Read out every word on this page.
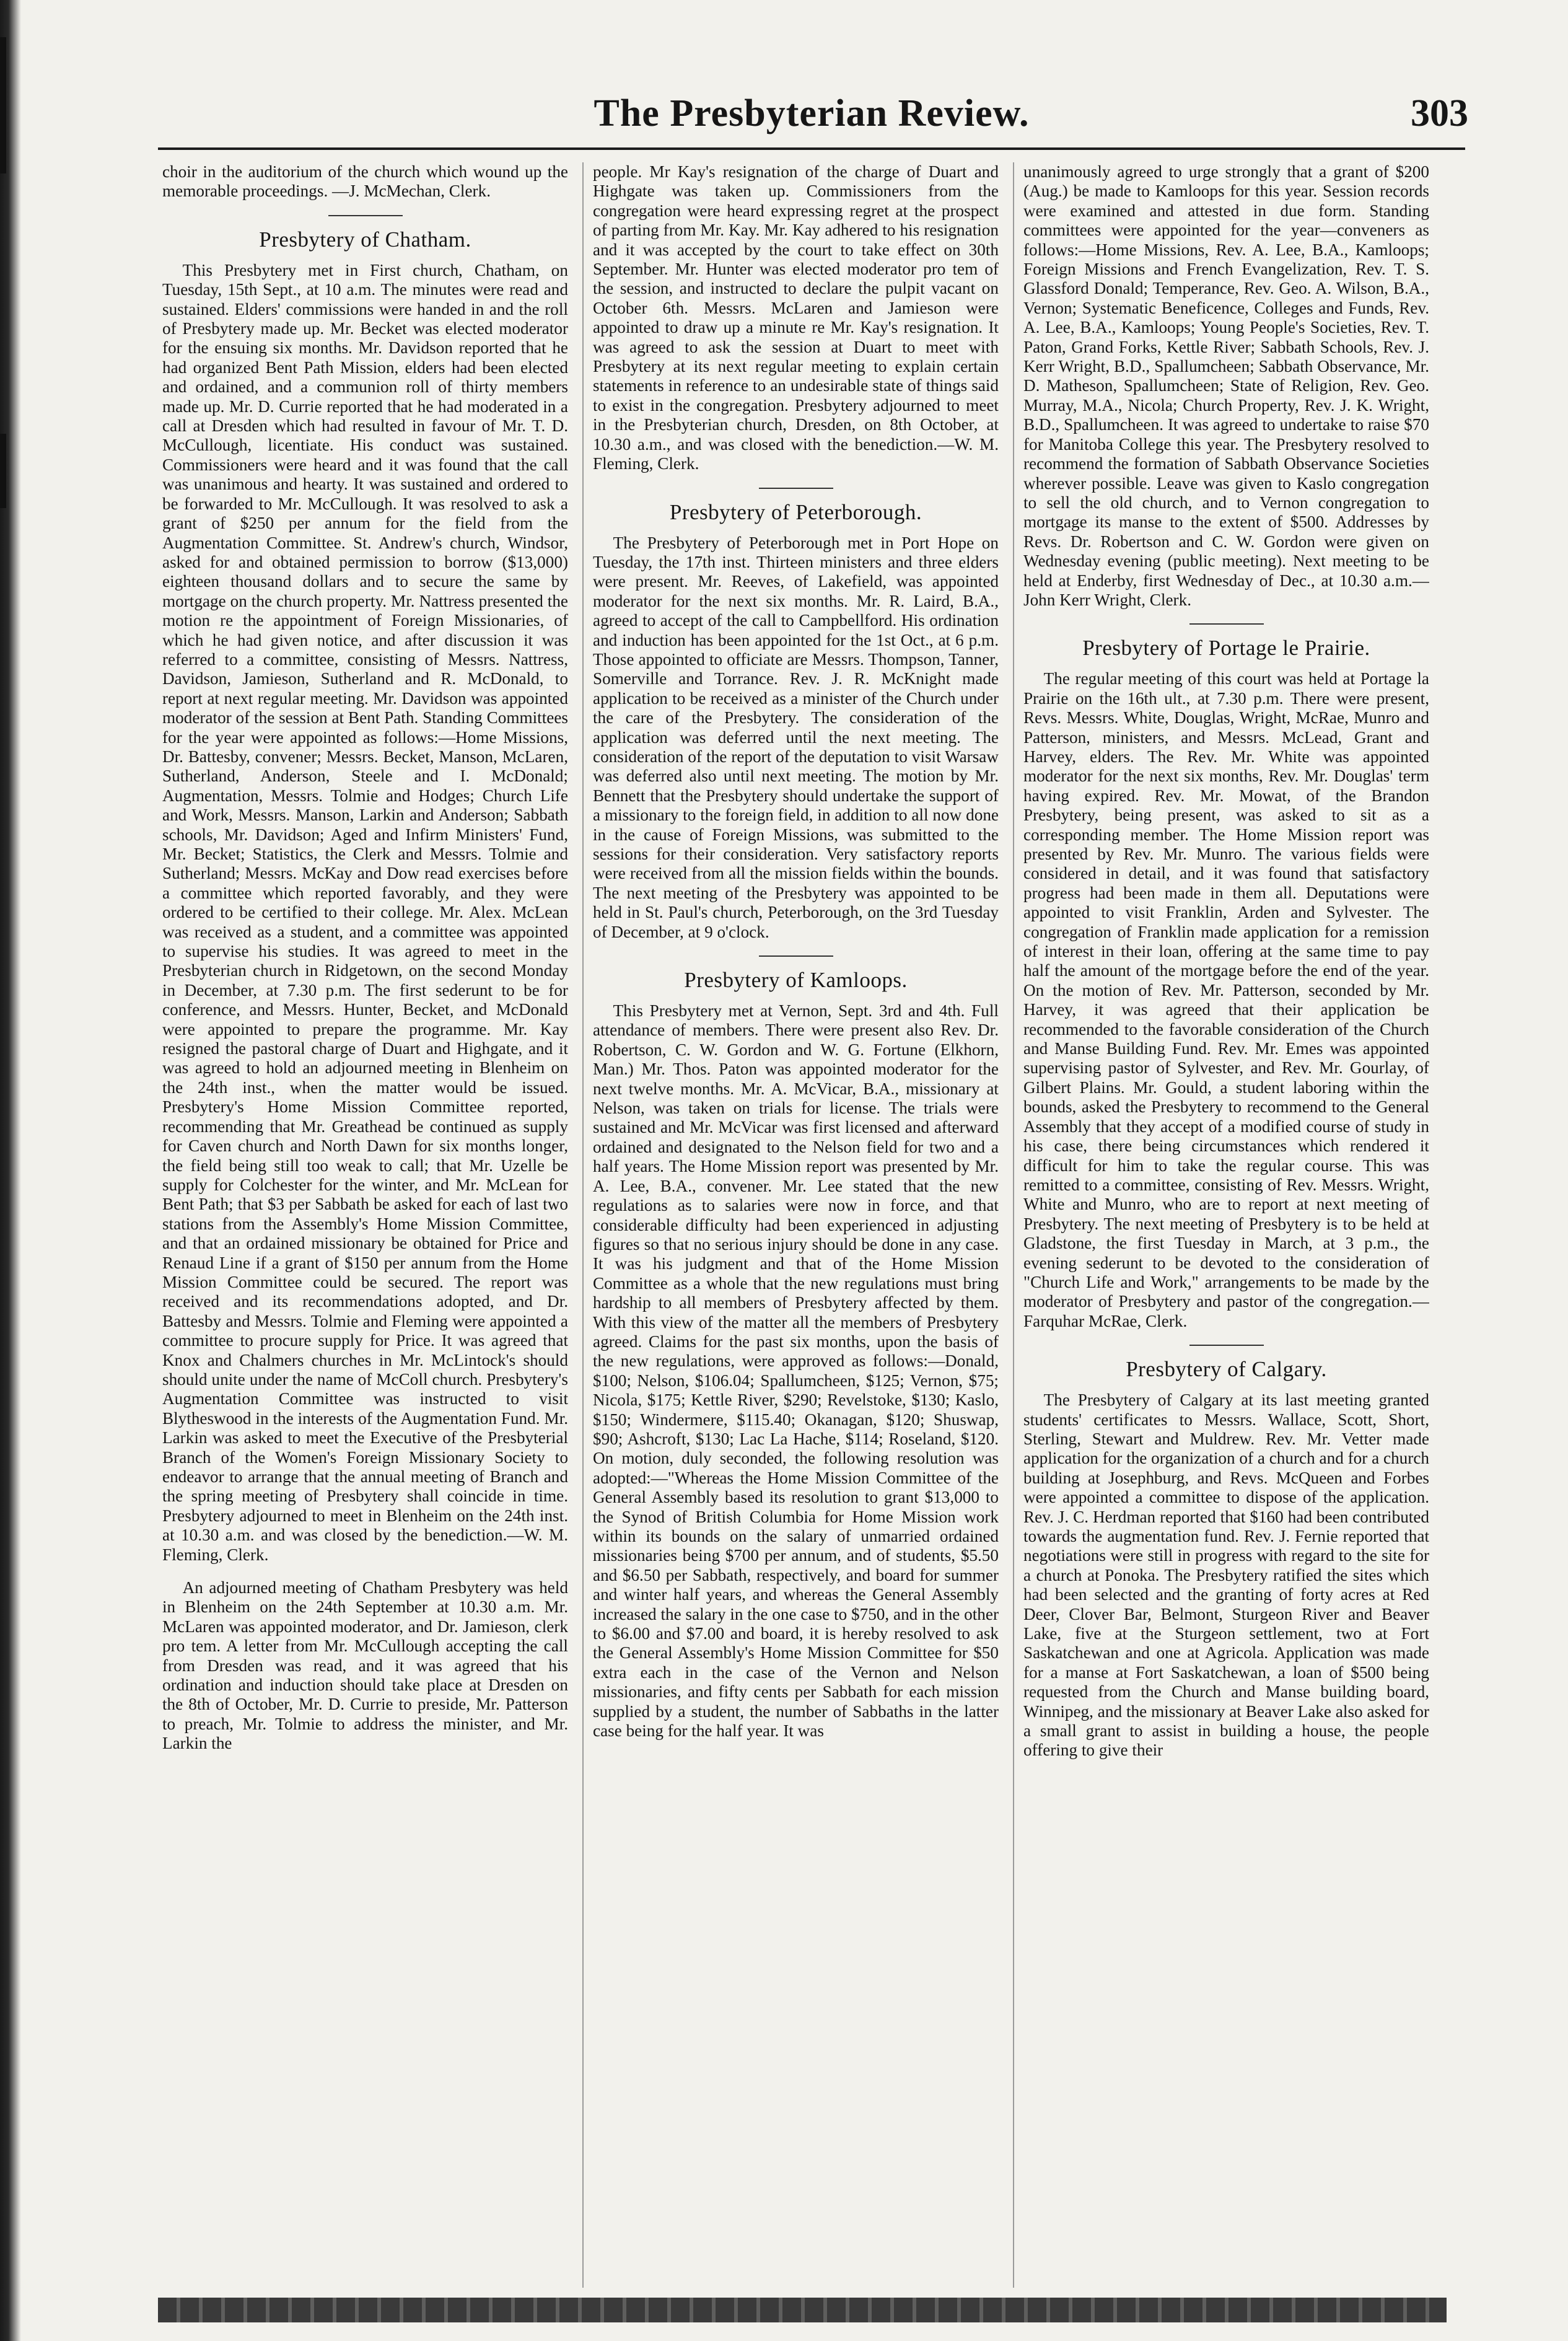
The Presbyterian Review.	303

choir in the auditorium of the church which wound up the memorable proceedings. —J. McMechan, Clerk.

Presbytery of Chatham.

This Presbytery met in First church, Chatham, on Tuesday, 15th Sept., at 10 a.m. The minutes were read and sustained. Elders' commissions were handed in and the roll of Presbytery made up. Mr. Becket was elected moderator for the ensuing six months. Mr. Davidson reported that he had organized Bent Path Mission, elders had been elected and ordained, and a communion roll of thirty members made up. Mr. D. Currie reported that he had moderated in a call at Dresden which had resulted in favour of Mr. T. D. McCullough, licentiate. His conduct was sustained. Commissioners were heard and it was found that the call was unanimous and hearty. It was sustained and ordered to be forwarded to Mr. McCullough. It was resolved to ask a grant of $250 per annum for the field from the Augmentation Committee. St. Andrew's church, Windsor, asked for and obtained permission to borrow ($13,000) eighteen thousand dollars and to secure the same by mortgage on the church property. Mr. Nattress presented the motion re the appointment of Foreign Missionaries, of which he had given notice, and after discussion it was referred to a committee, consisting of Messrs. Nattress, Davidson, Jamieson, Sutherland and R. McDonald, to report at next regular meeting. Mr. Davidson was appointed moderator of the session at Bent Path. Standing Committees for the year were appointed as follows:—Home Missions, Dr. Battesby, convener; Messrs. Becket, Manson, McLaren, Sutherland, Anderson, Steele and I. McDonald; Augmentation, Messrs. Tolmie and Hodges; Church Life and Work, Messrs. Manson, Larkin and Anderson; Sabbath schools, Mr. Davidson; Aged and Infirm Ministers' Fund, Mr. Becket; Statistics, the Clerk and Messrs. Tolmie and Sutherland; Messrs. McKay and Dow read exercises before a committee which reported favorably, and they were ordered to be certified to their college. Mr. Alex. McLean was received as a student, and a committee was appointed to supervise his studies. It was agreed to meet in the Presbyterian church in Ridgetown, on the second Monday in December, at 7.30 p.m. The first sederunt to be for conference, and Messrs. Hunter, Becket, and McDonald were appointed to prepare the programme. Mr. Kay resigned the pastoral charge of Duart and Highgate, and it was agreed to hold an adjourned meeting in Blenheim on the 24th inst., when the matter would be issued. Presbytery's Home Mission Committee reported, recommending that Mr. Greathead be continued as supply for Caven church and North Dawn for six months longer, the field being still too weak to call; that Mr. Uzelle be supply for Colchester for the winter, and Mr. McLean for Bent Path; that $3 per Sabbath be asked for each of last two stations from the Assembly's Home Mission Committee, and that an ordained missionary be obtained for Price and Renaud Line if a grant of $150 per annum from the Home Mission Committee could be secured. The report was received and its recommendations adopted, and Dr. Battesby and Messrs. Tolmie and Fleming were appointed a committee to procure supply for Price. It was agreed that Knox and Chalmers churches in Mr. McLintock's should should unite under the name of McColl church. Presbytery's Augmentation Committee was instructed to visit Blytheswood in the interests of the Augmentation Fund. Mr. Larkin was asked to meet the Executive of the Presbyterial Branch of the Women's Foreign Missionary Society to endeavor to arrange that the annual meeting of Branch and the spring meeting of Presbytery shall coincide in time. Presbytery adjourned to meet in Blenheim on the 24th inst. at 10.30 a.m. and was closed by the benediction.—W. M. Fleming, Clerk.

An adjourned meeting of Chatham Presbytery was held in Blenheim on the 24th September at 10.30 a.m. Mr. McLaren was appointed moderator, and Dr. Jamieson, clerk pro tem. A letter from Mr. McCullough accepting the call from Dresden was read, and it was agreed that his ordination and induction should take place at Dresden on the 8th of October, Mr. D. Currie to preside, Mr. Patterson to preach, Mr. Tolmie to address the minister, and Mr. Larkin the

people. Mr Kay's resignation of the charge of Duart and Highgate was taken up. Commissioners from the congregation were heard expressing regret at the prospect of parting from Mr. Kay. Mr. Kay adhered to his resignation and it was accepted by the court to take effect on 30th September. Mr. Hunter was elected moderator pro tem of the session, and instructed to declare the pulpit vacant on October 6th. Messrs. McLaren and Jamieson were appointed to draw up a minute re Mr. Kay's resignation. It was agreed to ask the session at Duart to meet with Presbytery at its next regular meeting to explain certain statements in reference to an undesirable state of things said to exist in the congregation. Presbytery adjourned to meet in the Presbyterian church, Dresden, on 8th October, at 10.30 a.m., and was closed with the benediction.—W. M. Fleming, Clerk.

Presbytery of Peterborough.

The Presbytery of Peterborough met in Port Hope on Tuesday, the 17th inst. Thirteen ministers and three elders were present. Mr. Reeves, of Lakefield, was appointed moderator for the next six months. Mr. R. Laird, B.A., agreed to accept of the call to Campbellford. His ordination and induction has been appointed for the 1st Oct., at 6 p.m. Those appointed to officiate are Messrs. Thompson, Tanner, Somerville and Torrance. Rev. J. R. McKnight made application to be received as a minister of the Church under the care of the Presbytery. The consideration of the application was deferred until the next meeting. The consideration of the report of the deputation to visit Warsaw was deferred also until next meeting. The motion by Mr. Bennett that the Presbytery should undertake the support of a missionary to the foreign field, in addition to all now done in the cause of Foreign Missions, was submitted to the sessions for their consideration. Very satisfactory reports were received from all the mission fields within the bounds. The next meeting of the Presbytery was appointed to be held in St. Paul's church, Peterborough, on the 3rd Tuesday of December, at 9 o'clock.

Presbytery of Kamloops.

This Presbytery met at Vernon, Sept. 3rd and 4th. Full attendance of members. There were present also Rev. Dr. Robertson, C. W. Gordon and W. G. Fortune (Elkhorn, Man.) Mr. Thos. Paton was appointed moderator for the next twelve months. Mr. A. McVicar, B.A., missionary at Nelson, was taken on trials for license. The trials were sustained and Mr. McVicar was first licensed and afterward ordained and designated to the Nelson field for two and a half years. The Home Mission report was presented by Mr. A. Lee, B.A., convener. Mr. Lee stated that the new regulations as to salaries were now in force, and that considerable difficulty had been experienced in adjusting figures so that no serious injury should be done in any case. It was his judgment and that of the Home Mission Committee as a whole that the new regulations must bring hardship to all members of Presbytery affected by them. With this view of the matter all the members of Presbytery agreed. Claims for the past six months, upon the basis of the new regulations, were approved as follows:—Donald, $100; Nelson, $106.04; Spallumcheen, $125; Vernon, $75; Nicola, $175; Kettle River, $290; Revelstoke, $130; Kaslo, $150; Windermere, $115.40; Okanagan, $120; Shuswap, $90; Ashcroft, $130; Lac La Hache, $114; Roseland, $120. On motion, duly seconded, the following resolution was adopted:—"Whereas the Home Mission Committee of the General Assembly based its resolution to grant $13,000 to the Synod of British Columbia for Home Mission work within its bounds on the salary of unmarried ordained missionaries being $700 per annum, and of students, $5.50 and $6.50 per Sabbath, respectively, and board for summer and winter half years, and whereas the General Assembly increased the salary in the one case to $750, and in the other to $6.00 and $7.00 and board, it is hereby resolved to ask the General Assembly's Home Mission Committee for $50 extra each in the case of the Vernon and Nelson missionaries, and fifty cents per Sabbath for each mission supplied by a student, the number of Sabbaths in the latter case being for the half year. It was

unanimously agreed to urge strongly that a grant of $200 (Aug.) be made to Kamloops for this year. Session records were examined and attested in due form. Standing committees were appointed for the year—conveners as follows:—Home Missions, Rev. A. Lee, B.A., Kamloops; Foreign Missions and French Evangelization, Rev. T. S. Glassford Donald; Temperance, Rev. Geo. A. Wilson, B.A., Vernon; Systematic Beneficence, Colleges and Funds, Rev. A. Lee, B.A., Kamloops; Young People's Societies, Rev. T. Paton, Grand Forks, Kettle River; Sabbath Schools, Rev. J. Kerr Wright, B.D., Spallumcheen; Sabbath Observance, Mr. D. Matheson, Spallumcheen; State of Religion, Rev. Geo. Murray, M.A., Nicola; Church Property, Rev. J. K. Wright, B.D., Spallumcheen. It was agreed to undertake to raise $70 for Manitoba College this year. The Presbytery resolved to recommend the formation of Sabbath Observance Societies wherever possible. Leave was given to Kaslo congregation to sell the old church, and to Vernon congregation to mortgage its manse to the extent of $500. Addresses by Revs. Dr. Robertson and C. W. Gordon were given on Wednesday evening (public meeting). Next meeting to be held at Enderby, first Wednesday of Dec., at 10.30 a.m.—John Kerr Wright, Clerk.

Presbytery of Portage le Prairie.

The regular meeting of this court was held at Portage la Prairie on the 16th ult., at 7.30 p.m. There were present, Revs. Messrs. White, Douglas, Wright, McRae, Munro and Patterson, ministers, and Messrs. McLead, Grant and Harvey, elders. The Rev. Mr. White was appointed moderator for the next six months, Rev. Mr. Douglas' term having expired. Rev. Mr. Mowat, of the Brandon Presbytery, being present, was asked to sit as a corresponding member. The Home Mission report was presented by Rev. Mr. Munro. The various fields were considered in detail, and it was found that satisfactory progress had been made in them all. Deputations were appointed to visit Franklin, Arden and Sylvester. The congregation of Franklin made application for a remission of interest in their loan, offering at the same time to pay half the amount of the mortgage before the end of the year. On the motion of Rev. Mr. Patterson, seconded by Mr. Harvey, it was agreed that their application be recommended to the favorable consideration of the Church and Manse Building Fund. Rev. Mr. Emes was appointed supervising pastor of Sylvester, and Rev. Mr. Gourlay, of Gilbert Plains. Mr. Gould, a student laboring within the bounds, asked the Presbytery to recommend to the General Assembly that they accept of a modified course of study in his case, there being circumstances which rendered it difficult for him to take the regular course. This was remitted to a committee, consisting of Rev. Messrs. Wright, White and Munro, who are to report at next meeting of Presbytery. The next meeting of Presbytery is to be held at Gladstone, the first Tuesday in March, at 3 p.m., the evening sederunt to be devoted to the consideration of "Church Life and Work," arrangements to be made by the moderator of Presbytery and pastor of the congregation.—Farquhar McRae, Clerk.

Presbytery of Calgary.

The Presbytery of Calgary at its last meeting granted students' certificates to Messrs. Wallace, Scott, Short, Sterling, Stewart and Muldrew. Rev. Mr. Vetter made application for the organization of a church and for a church building at Josephburg, and Revs. McQueen and Forbes were appointed a committee to dispose of the application. Rev. J. C. Herdman reported that $160 had been contributed towards the augmentation fund. Rev. J. Fernie reported that negotiations were still in progress with regard to the site for a church at Ponoka. The Presbytery ratified the sites which had been selected and the granting of forty acres at Red Deer, Clover Bar, Belmont, Sturgeon River and Beaver Lake, five at the Sturgeon settlement, two at Fort Saskatchewan and one at Agricola. Application was made for a manse at Fort Saskatchewan, a loan of $500 being requested from the Church and Manse building board, Winnipeg, and the missionary at Beaver Lake also asked for a small grant to assist in building a house, the people offering to give their
